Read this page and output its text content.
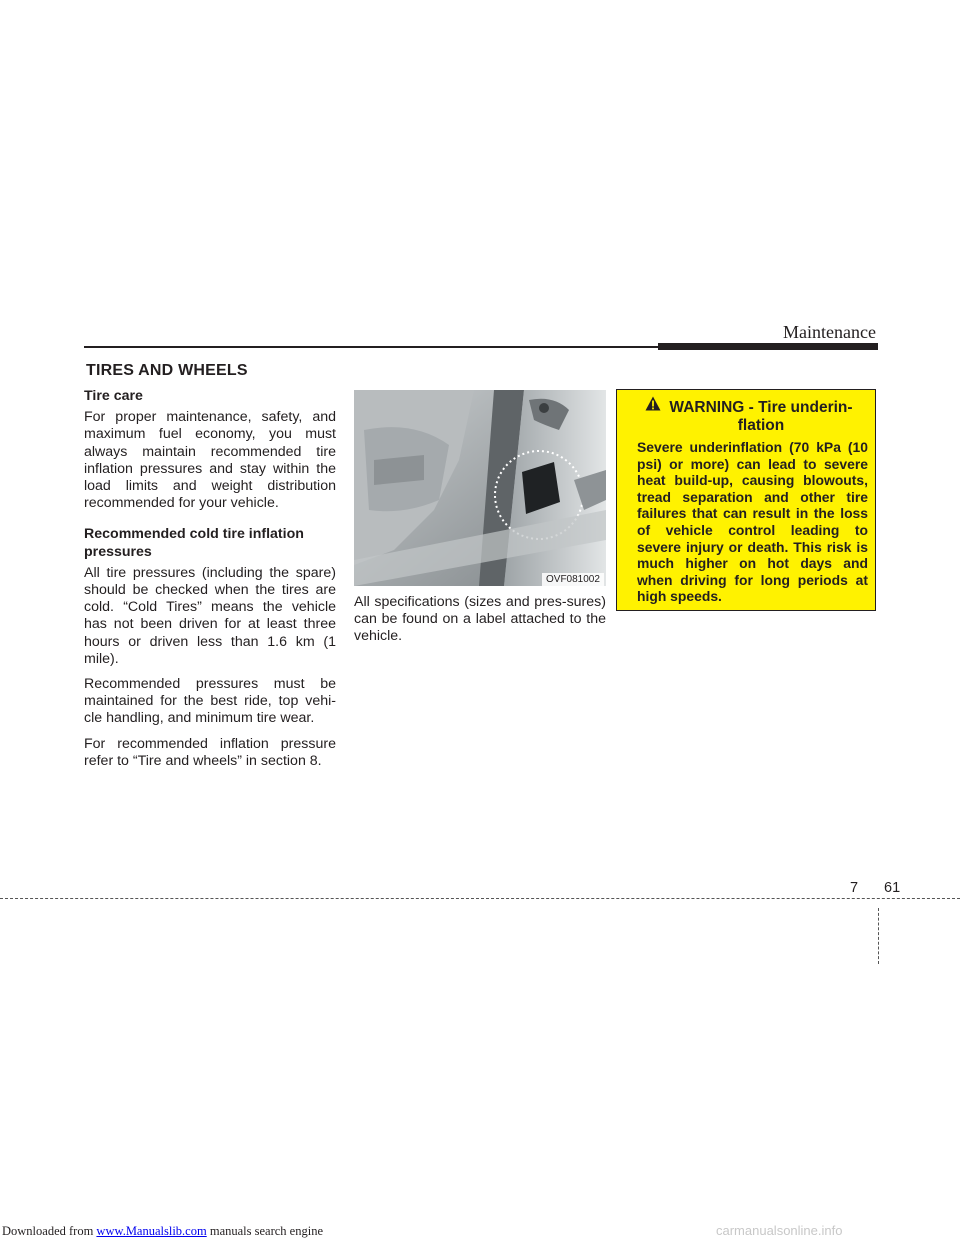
Maintenance
TIRES AND WHEELS
Tire care

For proper maintenance, safety, and maximum fuel economy, you must always maintain recommended tire inflation pressures and stay within the load limits and weight distribution recommended for your vehicle.

Recommended cold tire inflation pressures

All tire pressures (including the spare) should be checked when the tires are cold. “Cold Tires” means the vehicle has not been driven for at least three hours or driven less than 1.6 km (1 mile).

Recommended pressures must be maintained for the best ride, top vehi-cle handling, and minimum tire wear.

For recommended inflation pressure refer to “Tire and wheels” in section 8.

OVF081002

All specifications (sizes and pres-sures) can be found on a label attached to the vehicle.

WARNING - Tire underin-flation
Severe underinflation (70 kPa (10 psi) or more) can lead to severe heat build-up, causing blowouts, tread separation and other tire failures that can result in the loss of vehicle control leading to severe injury or death. This risk is much higher on hot days and when driving for long periods at high speeds.
7 61
Downloaded from www.Manualslib.com manuals search engine	carmanualsonline.info
